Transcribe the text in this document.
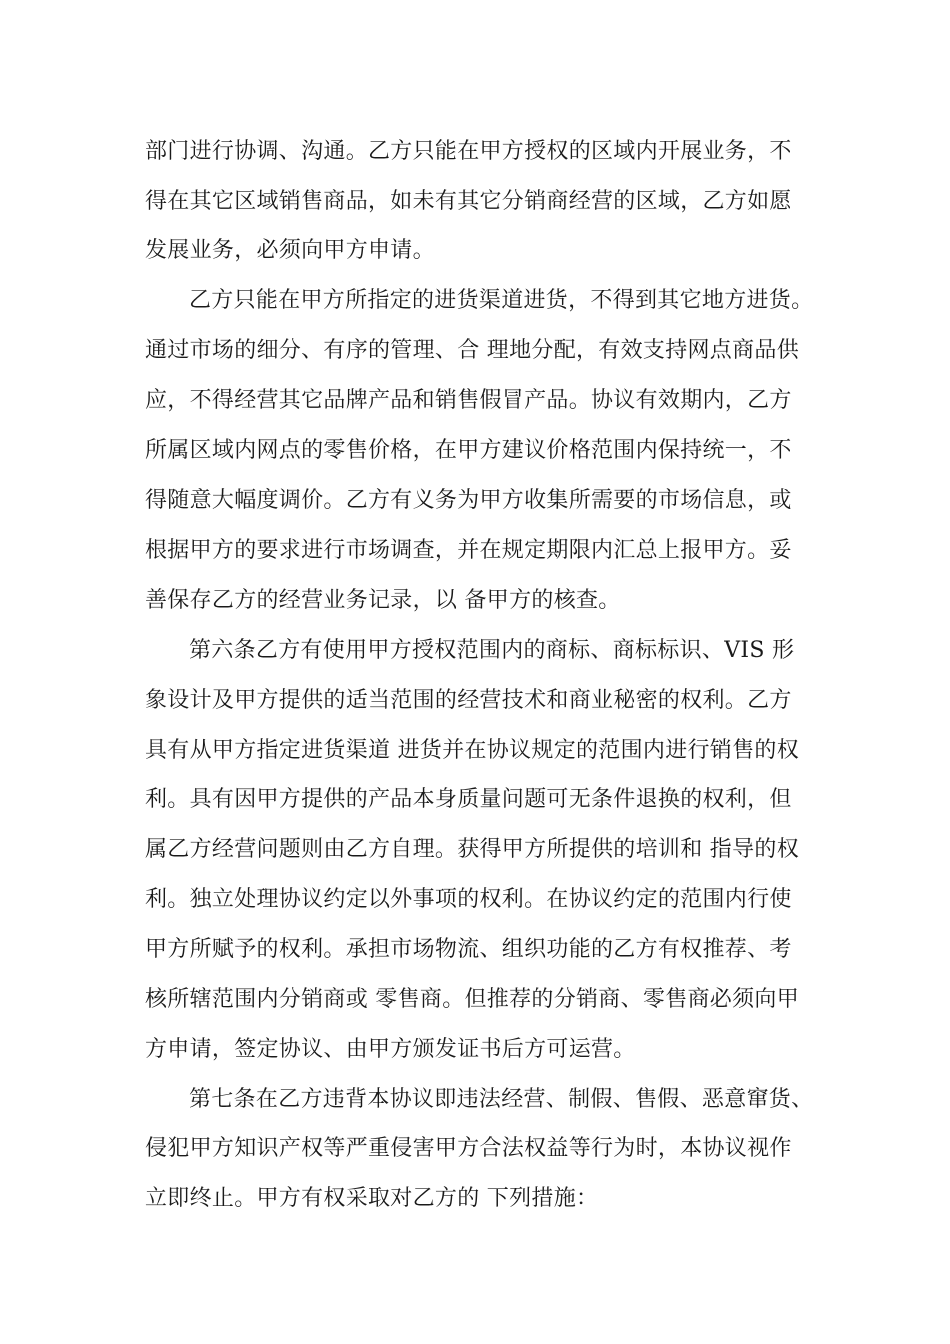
部门进行协调、沟通。乙方只能在甲方授权的区域内开展业务，不
得在其它区域销售商品，如未有其它分销商经营的区域，乙方如愿
发展业务，必须向甲方申请。
乙方只能在甲方所指定的进货渠道进货，不得到其它地方进货。
通过市场的细分、有序的管理、合 理地分配，有效支持网点商品供
应，不得经营其它品牌产品和销售假冒产品。协议有效期内，乙方
所属区域内网点的零售价格，在甲方建议价格范围内保持统一，不
得随意大幅度调价。乙方有义务为甲方收集所需要的市场信息，或
根据甲方的要求进行市场调查，并在规定期限内汇总上报甲方。妥
善保存乙方的经营业务记录，以 备甲方的核查。
第六条乙方有使用甲方授权范围内的商标、商标标识、VIS 形
象设计及甲方提供的适当范围的经营技术和商业秘密的权利。乙方
具有从甲方指定进货渠道 进货并在协议规定的范围内进行销售的权
利。具有因甲方提供的产品本身质量问题可无条件退换的权利，但
属乙方经营问题则由乙方自理。获得甲方所提供的培训和 指导的权
利。独立处理协议约定以外事项的权利。在协议约定的范围内行使
甲方所赋予的权利。承担市场物流、组织功能的乙方有权推荐、考
核所辖范围内分销商或 零售商。但推荐的分销商、零售商必须向甲
方申请，签定协议、由甲方颁发证书后方可运营。
第七条在乙方违背本协议即违法经营、制假、售假、恶意窜货、
侵犯甲方知识产权等严重侵害甲方合法权益等行为时，本协议视作
立即终止。甲方有权采取对乙方的 下列措施：
